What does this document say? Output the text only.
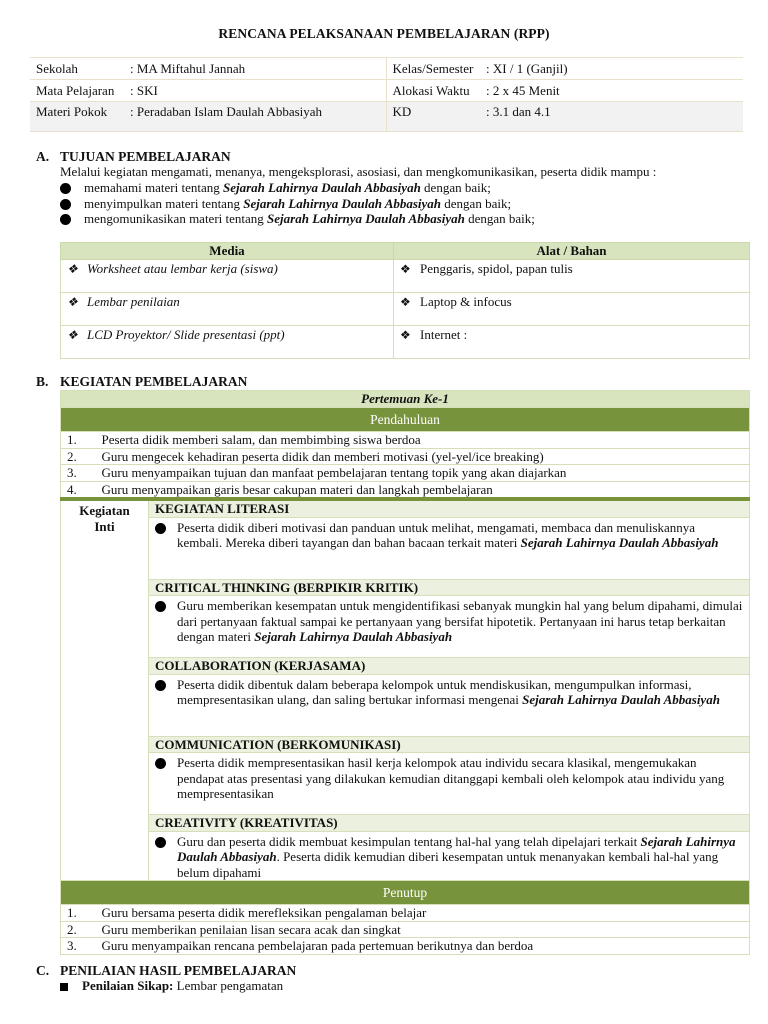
RENCANA PELAKSANAAN PEMBELAJARAN (RPP)
Sekolah	: MA Miftahul Jannah	Kelas/Semester	: XI / 1 (Ganjil)
Mata Pelajaran	: SKI	Alokasi Waktu	: 2 x 45 Menit
Materi Pokok	: Peradaban Islam Daulah Abbasiyah	KD	: 3.1 dan 4.1
A. TUJUAN PEMBELAJARAN
Melalui kegiatan mengamati, menanya, mengeksplorasi, asosiasi, dan mengkomunikasikan, peserta didik mampu :
memahami materi tentang Sejarah Lahirnya Daulah Abbasiyah dengan baik;
menyimpulkan materi tentang Sejarah Lahirnya Daulah Abbasiyah dengan baik;
mengomunikasikan materi tentang Sejarah Lahirnya Daulah Abbasiyah dengan baik;
Media	Alat / Bahan
❖ Worksheet atau lembar kerja (siswa)	❖ Penggaris, spidol, papan tulis
❖ Lembar penilaian	❖ Laptop & infocus
❖ LCD Proyektor/ Slide presentasi (ppt)	❖ Internet :
B. KEGIATAN PEMBELAJARAN
Pertemuan Ke-1		
Pendahuluan		
1.	Peserta didik memberi salam, dan membimbing siswa berdoa	
2.	Guru mengecek kehadiran peserta didik dan memberi motivasi (yel-yel/ice breaking)	
3.	Guru menyampaikan tujuan dan manfaat pembelajaran tentang topik yang akan diajarkan	
4.	Guru menyampaikan garis besar cakupan materi dan langkah pembelajaran	

Kegiatan
Inti		KEGIATAN LITERASI

Peserta didik diberi motivasi dan panduan untuk melihat, mengamati, membaca dan menuliskannya kembali. Mereka diberi tayangan dan bahan bacaan terkait materi Sejarah Lahirnya Daulah Abbasiyah

		CRITICAL THINKING (BERPIKIR KRITIK)

Guru memberikan kesempatan untuk mengidentifikasi sebanyak mungkin hal yang belum dipahami, dimulai dari pertanyaan faktual sampai ke pertanyaan yang bersifat hipotetik. Pertanyaan ini harus tetap berkaitan dengan materi Sejarah Lahirnya Daulah Abbasiyah

		COLLABORATION (KERJASAMA)

Peserta didik dibentuk dalam beberapa kelompok untuk mendiskusikan, mengumpulkan informasi, mempresentasikan ulang, dan saling bertukar informasi mengenai Sejarah Lahirnya Daulah Abbasiyah

		COMMUNICATION (BERKOMUNIKASI)

Peserta didik mempresentasikan hasil kerja kelompok atau individu secara klasikal, mengemukakan pendapat atas presentasi yang dilakukan kemudian ditanggapi kembali oleh kelompok atau individu yang mempresentasikan

		CREATIVITY (KREATIVITAS)

Guru dan peserta didik membuat kesimpulan tentang hal-hal yang telah dipelajari terkait Sejarah Lahirnya Daulah Abbasiyah. Peserta didik kemudian diberi kesempatan untuk menanyakan kembali hal-hal yang belum dipahami

Penutup		
1.	Guru bersama peserta didik merefleksikan pengalaman belajar	
2.	Guru memberikan penilaian lisan secara acak dan singkat	
3.	Guru menyampaikan rencana pembelajaran pada pertemuan berikutnya dan berdoa	
C. PENILAIAN HASIL PEMBELAJARAN
Penilaian Sikap: Lembar pengamatan
